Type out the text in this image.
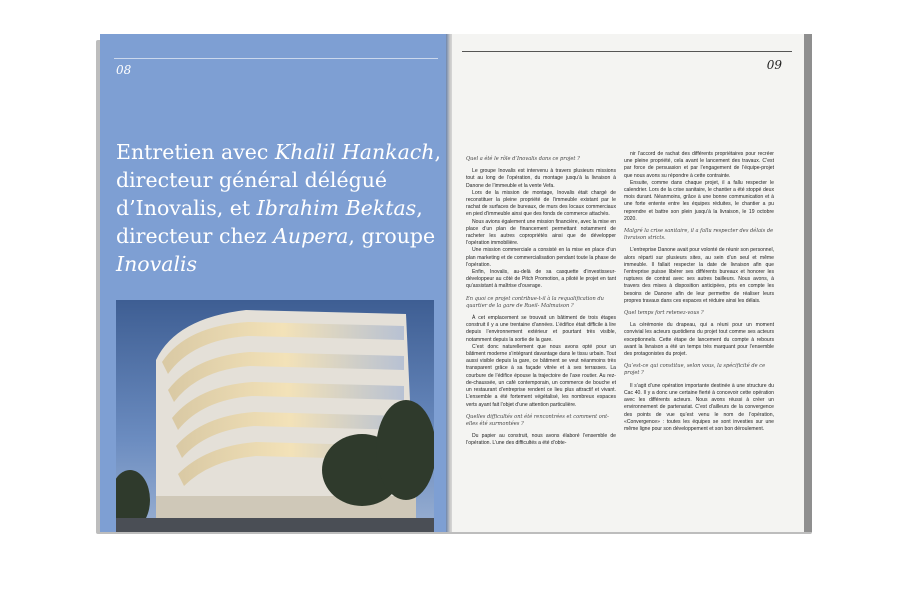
08
Entretien avec Khalil Hankach, directeur général délégué d’Inovalis, et Ibrahim Bektas, directeur chez Aupera, groupe Inovalis
09

Quel a été le rôle d’Inovalis dans ce projet ?

Le groupe Inovalis est intervenu à travers plusieurs missions tout au long de l’opération, du montage jusqu’à la livraison à Danone de l’immeuble et la vente Vefa.

Lors de la mission de montage, Inovalis était chargé de reconstituer la pleine propriété de l’immeuble existant par le rachat de surfaces de bureaux, de murs des locaux commerciaux en pied d’immeuble ainsi que des fonds de commerce attachés.

Nous avions également une mission financière, avec la mise en place d’un plan de financement permettant notamment de racheter les autres copropriétés ainsi que de développer l’opération immobilière.

Une mission commerciale a consisté en la mise en place d’un plan marketing et de commercialisation pendant toute la phase de l’opération.

Enfin, Inovalis, au-delà de sa casquette d’investisseur-développeur au côté de Pitch Promotion, a piloté le projet en tant qu’assistant à maîtrise d’ouvrage.

En quoi ce projet contribue-t-il à la requalification du quartier de la gare de Rueil- Malmaison ?

À cet emplacement se trouvait un bâtiment de trois étages construit il y a une trentaine d’années. L’édifice était difficile à lire depuis l’environnement extérieur et pourtant très visible, notamment depuis la sortie de la gare.

C’est donc naturellement que nous avons opté pour un bâtiment moderne s’intégrant davantage dans le tissu urbain. Tout aussi visible depuis la gare, ce bâtiment se veut néanmoins très transparent grâce à sa façade vitrée et à ses terrasses. La courbure de l’édifice épouse la trajectoire de l’axe routier. Au rez-de-chaussée, un café contemporain, un commerce de bouche et un restaurant d’entreprise rendent ce lieu plus attractif et vivant. L’ensemble a été fortement végétalisé, les nombreux espaces verts ayant fait l’objet d’une attention particulière.

Quelles difficultés ont été rencontrées et comment ont-elles été surmontées ?

Du papier au construit, nous avons élaboré l’ensemble de l’opération. L’une des difficultés a été d’obte-

nir l’accord de rachat des différents propriétaires pour recréer une pleine propriété, cela avant le lancement des travaux. C’est par force de persuasion et par l’engagement de l’équipe-projet que nous avons su répondre à cette contrainte.

Ensuite, comme dans chaque projet, il a fallu respecter le calendrier. Lors de la crise sanitaire, le chantier a été stoppé deux mois durant. Néanmoins, grâce à une bonne communication et à une forte entente entre les équipes réduites, le chantier a pu reprendre et battre son plein jusqu’à la livraison, le 19 octobre 2020.

Malgré la crise sanitaire, il a fallu respecter des délais de livraison stricts.

L’entreprise Danone avait pour volonté de réunir son personnel, alors réparti sur plusieurs sites, au sein d’un seul et même immeuble. Il fallait respecter la date de livraison afin que l’entreprise puisse libérer ses différents bureaux et honorer les ruptures de contrat avec ses autres bailleurs. Nous avons, à travers des mises à disposition anticipées, pris en compte les besoins de Danone afin de leur permettre de réaliser leurs propres travaux dans ces espaces et réduire ainsi les délais.

Quel temps fort retenez-vous ?

La cérémonie du drapeau, qui a réuni pour un moment convivial les acteurs quotidiens du projet tout comme ses acteurs exceptionnels. Cette étape de lancement du compte à rebours avant la livraison a été un temps très marquant pour l’ensemble des protagonistes du projet.

Qu’est-ce qui constitue, selon vous, la spécificité de ce projet ?

Il s’agit d’une opération importante destinée à une structure du Cac 40. Il y a donc une certaine fierté à concevoir cette opération avec les différents acteurs. Nous avons réussi à créer un environnement de partenariat. C’est d’ailleurs de la convergence des points de vue qu’est venu le nom de l’opération, «Convergence» : toutes les équipes se sont investies sur une même ligne pour son développement et son bon déroulement.
